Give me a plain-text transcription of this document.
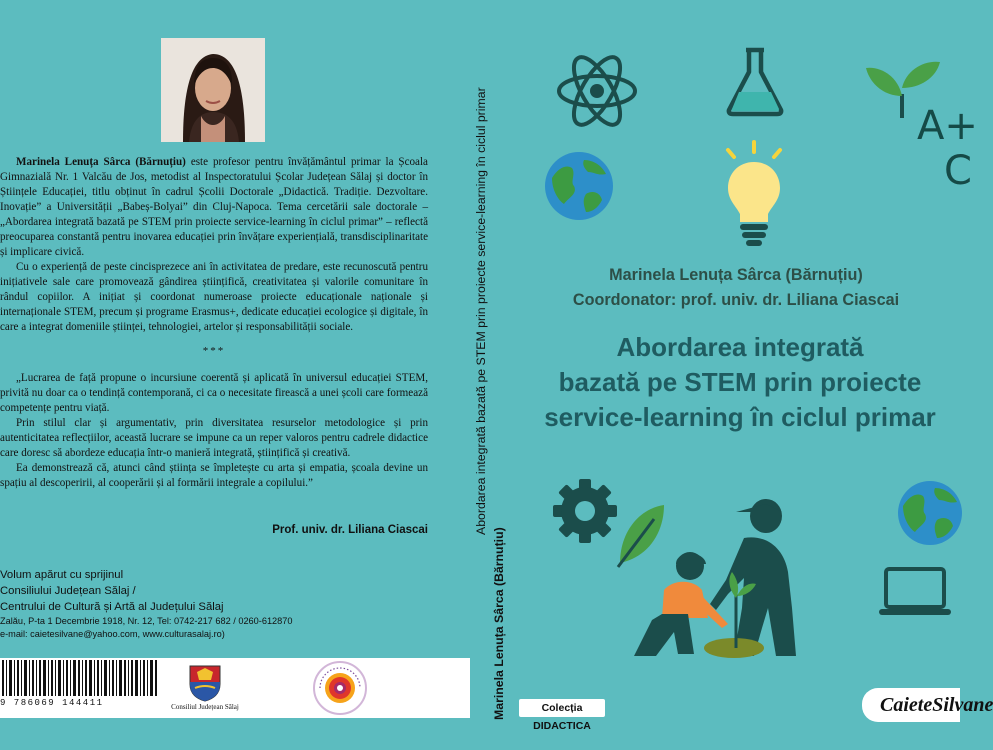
Marinela Lenuța Sârca (Bărnuțiu) este profesor pentru învățământul primar la Școala Gimnazială Nr. 1 Valcău de Jos, metodist al Inspectoratului Școlar Județean Sălaj și doctor în Științele Educației, titlu obținut în cadrul Școlii Doctorale „Didactică. Tradiție. Dezvoltare. Inovație” a Universității „Babeș-Bolyai” din Cluj-Napoca. Tema cercetării sale doctorale – „Abordarea integrată bazată pe STEM prin proiecte service-learning în ciclul primar” – reflectă preocuparea constantă pentru inovarea educației prin învățare experiențială, transdisciplinaritate și implicare civică.

Cu o experiență de peste cincisprezece ani în activitatea de predare, este recunoscută pentru inițiativele sale care promovează gândirea științifică, creativitatea și valorile comunitare în rândul copiilor. A inițiat și coordonat numeroase proiecte educaționale naționale și internaționale STEM, precum și programe Erasmus+, dedicate educației ecologice și digitale, în care a integrat domeniile științei, tehnologiei, artelor și responsabilității sociale.

***

„Lucrarea de față propune o incursiune coerentă și aplicată în universul educației STEM, privită nu doar ca o tendință contemporană, ci ca o necesitate firească a unei școli care formează competențe pentru viață.

Prin stilul clar și argumentativ, prin diversitatea resurselor metodologice și prin autenticitatea reflecțiilor, această lucrare se impune ca un reper valoros pentru cadrele didactice care doresc să abordeze educația într-o manieră integrată, științifică și creativă.

Ea demonstrează că, atunci când știința se împletește cu arta și empatia, școala devine un spațiu al descoperirii, al cooperării și al formării integrale a copilului.”

Prof. univ. dr. Liliana Ciascai
Volum apărut cu sprijinul
Consiliului Județean Sălaj /
Centrului de Cultură și Artă al Județului Sălaj
Zalău, P-ta 1 Decembrie 1918, Nr. 12, Tel: 0742-217 682 / 0260-612870
e-mail: caietesilvane@yahoo.com, www.culturasalaj.ro)
9 786069 144411	Consiliul Județean Sălaj	Marinela Lenuța Sârca (Bărnuțiu)
Abordarea integrată bazată pe STEM prin proiecte service-learning în ciclul primar	A+
C
Marinela Lenuța Sârca (Bărnuțiu)
Coordonator: prof. univ. dr. Liliana Ciascai
Abordarea integrată
bazată pe STEM prin proiecte
service-learning în ciclul primar
Colecția DIDACTICA
CaieteSilvane
